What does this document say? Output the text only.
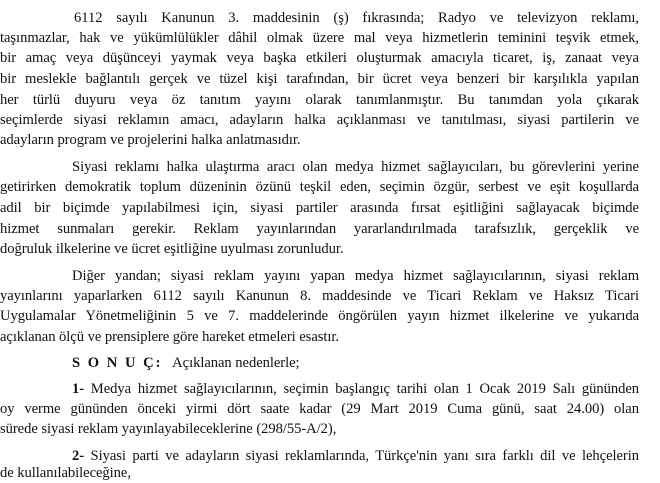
6112 sayılı Kanunun 3. maddesinin (ş) fıkrasında; Radyo ve televizyon reklamı,
taşınmazlar, hak ve yükümlülükler dâhil olmak üzere mal veya hizmetlerin teminini teşvik etmek,
bir amaç veya düşünceyi yaymak veya başka etkileri oluşturmak amacıyla ticaret, iş, zanaat veya
bir meslekle bağlantılı gerçek ve tüzel kişi tarafından, bir ücret veya benzeri bir karşılıkla yapılan
her türlü duyuru veya öz tanıtım yayını olarak tanımlanmıştır. Bu tanımdan yola çıkarak
seçimlerde siyasi reklamın amacı, adayların halka açıklanması ve tanıtılması, siyasi partilerin ve
adayların program ve projelerini halka anlatmasıdır.
Siyasi reklamı halka ulaştırma aracı olan medya hizmet sağlayıcıları, bu görevlerini yerine
getirirken demokratik toplum düzeninin özünü teşkil eden, seçimin özgür, serbest ve eşit koşullarda
adil bir biçimde yapılabilmesi için, siyasi partiler arasında fırsat eşitliğini sağlayacak biçimde
hizmet sunmaları gerekir. Reklam yayınlarından yararlandırılmada tarafsızlık, gerçeklik ve
doğruluk ilkelerine ve ücret eşitliğine uyulması zorunludur.
Diğer yandan; siyasi reklam yayını yapan medya hizmet sağlayıcılarının, siyasi reklam
yayınlarını yaparlarken 6112 sayılı Kanunun 8. maddesinde ve Ticari Reklam ve Haksız Ticari
Uygulamalar Yönetmeliğinin 5 ve 7. maddelerinde öngörülen yayın hizmet ilkelerine ve yukarıda
açıklanan ölçü ve prensiplere göre hareket etmeleri esastır.
S O N U Ç: Açıklanan nedenlerle;
1- Medya hizmet sağlayıcılarının, seçimin başlangıç tarihi olan 1 Ocak 2019 Salı gününden
oy verme gününden önceki yirmi dört saate kadar (29 Mart 2019 Cuma günü, saat 24.00) olan
sürede siyasi reklam yayınlayabileceklerine (298/55-A/2),
2- Siyasi parti ve adayların siyasi reklamlarında, Türkçe'nin yanı sıra farklı dil ve lehçelerin
de kullanılabileceğine,
